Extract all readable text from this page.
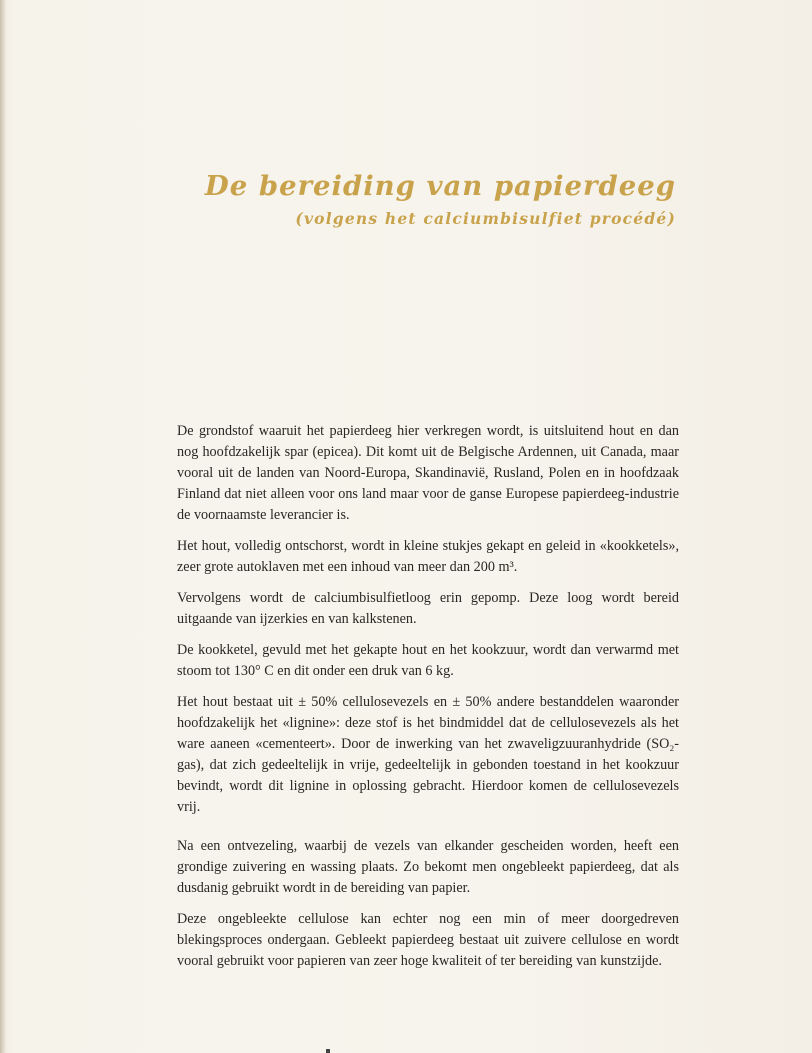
De bereiding van papierdeeg
(volgens het calciumbisulfiet procédé)

De grondstof waaruit het papierdeeg hier verkregen wordt, is uitsluitend hout en dan nog hoofdzakelijk spar (epicea). Dit komt uit de Belgische Ardennen, uit Canada, maar vooral uit de landen van Noord-Europa, Skandinavië, Rusland, Polen en in hoofdzaak Finland dat niet alleen voor ons land maar voor de ganse Europese papierdeeg-industrie de voornaamste leverancier is.

Het hout, volledig ontschorst, wordt in kleine stukjes gekapt en geleid in «kookketels», zeer grote autoklaven met een inhoud van meer dan 200 m³.

Vervolgens wordt de calciumbisulfietloog erin gepomp. Deze loog wordt bereid uitgaande van ijzerkies en van kalkstenen.

De kookketel, gevuld met het gekapte hout en het kookzuur, wordt dan verwarmd met stoom tot 130° C en dit onder een druk van 6 kg.

Het hout bestaat uit ± 50% cellulosevezels en ± 50% andere bestanddelen waaronder hoofdzakelijk het «lignine»: deze stof is het bindmiddel dat de cellulosevezels als het ware aaneen «cementeert». Door de inwerking van het zwaveligzuuranhydride (SO₂-gas), dat zich gedeeltelijk in vrije, gedeeltelijk in gebonden toestand in het kookzuur bevindt, wordt dit lignine in oplossing gebracht. Hierdoor komen de cellulosevezels vrij.

Na een ontvezeling, waarbij de vezels van elkander gescheiden worden, heeft een grondige zuivering en wassing plaats. Zo bekomt men ongebleekt papierdeeg, dat als dusdanig gebruikt wordt in de bereiding van papier.

Deze ongebleekte cellulose kan echter nog een min of meer doorgedreven blekingsproces ondergaan. Gebleekt papierdeeg bestaat uit zuivere cellulose en wordt vooral gebruikt voor papieren van zeer hoge kwaliteit of ter bereiding van kunstzijde.
